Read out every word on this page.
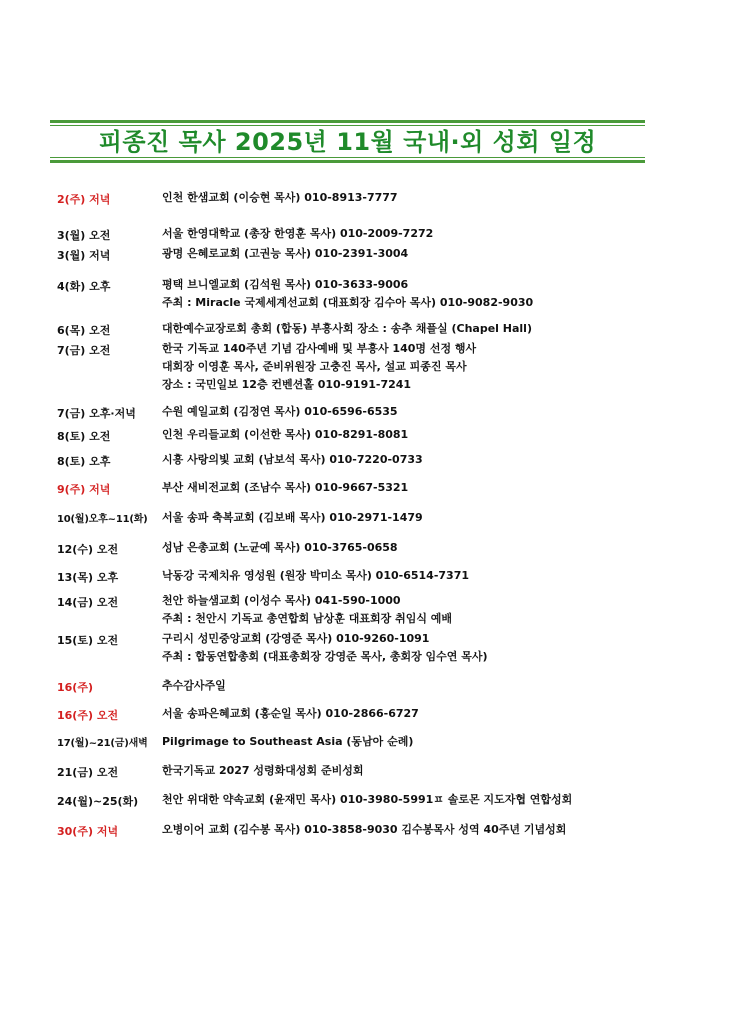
피종진 목사 2025년 11월 국내·외 성회 일정
2(주) 저녁	인천 한샘교회 (이승현 목사) 010-8913-7777
3(월) 오전	서울 한영대학교 (총장 한영훈 목사) 010-2009-7272
3(월) 저녁	광명 은혜로교회 (고권능 목사) 010-2391-3004
4(화) 오후	평택 브니엘교회 (김석원 목사) 010-3633-9006
주최 : Miracle 국제세계선교회 (대표회장 김수아 목사) 010-9082-9030
6(목) 오전	대한예수교장로회 총회 (합동) 부흥사회 장소 : 송추 채플실 (Chapel Hall)
7(금) 오전	한국 기독교 140주년 기념 감사예배 및 부흥사 140명 선정 행사
대회장 이영훈 목사, 준비위원장 고충진 목사, 설교 피종진 목사
장소 : 국민일보 12층 컨벤션홀 010-9191-7241
7(금) 오후·저녁 수원 예일교회 (김정연 목사) 010-6596-6535
8(토) 오전	인천 우리들교회 (이선한 목사) 010-8291-8081
8(토) 오후	시흥 사랑의빛 교회 (남보석 목사) 010-7220-0733
9(주) 저녁	부산 새비전교회 (조남수 목사) 010-9667-5321
10(월)오후~11(화) 서울 송파 축복교회 (김보배 목사) 010-2971-1479
12(수) 오전	성남 은총교회 (노균예 목사) 010-3765-0658
13(목) 오후	낙동강 국제치유 영성원 (원장 박미소 목사) 010-6514-7371
14(금) 오전	천안 하늘샘교회 (이성수 목사) 041-590-1000
주최 : 천안시 기독교 총연합회 남상훈 대표회장 취임식 예배
15(토) 오전	구리시 성민중앙교회 (강영준 목사) 010-9260-1091
주최 : 합동연합총회 (대표총회장 강영준 목사, 총회장 임수연 목사)
16(주)	추수감사주일
16(주) 오전	서울 송파은혜교회 (홍순일 목사) 010-2866-6727
17(월)~21(금)새벽 Pilgrimage to Southeast Asia (동남아 순례)
21(금) 오전	한국기독교 2027 성령화대성회 준비성회
24(월)~25(화) 천안 위대한 약속교회 (윤재민 목사) 010-3980-5991ㅍ 솔로몬 지도자협 연합성회
30(주) 저녁	오병이어 교회 (김수봉 목사) 010-3858-9030 김수봉목사 성역 40주년 기념성회
